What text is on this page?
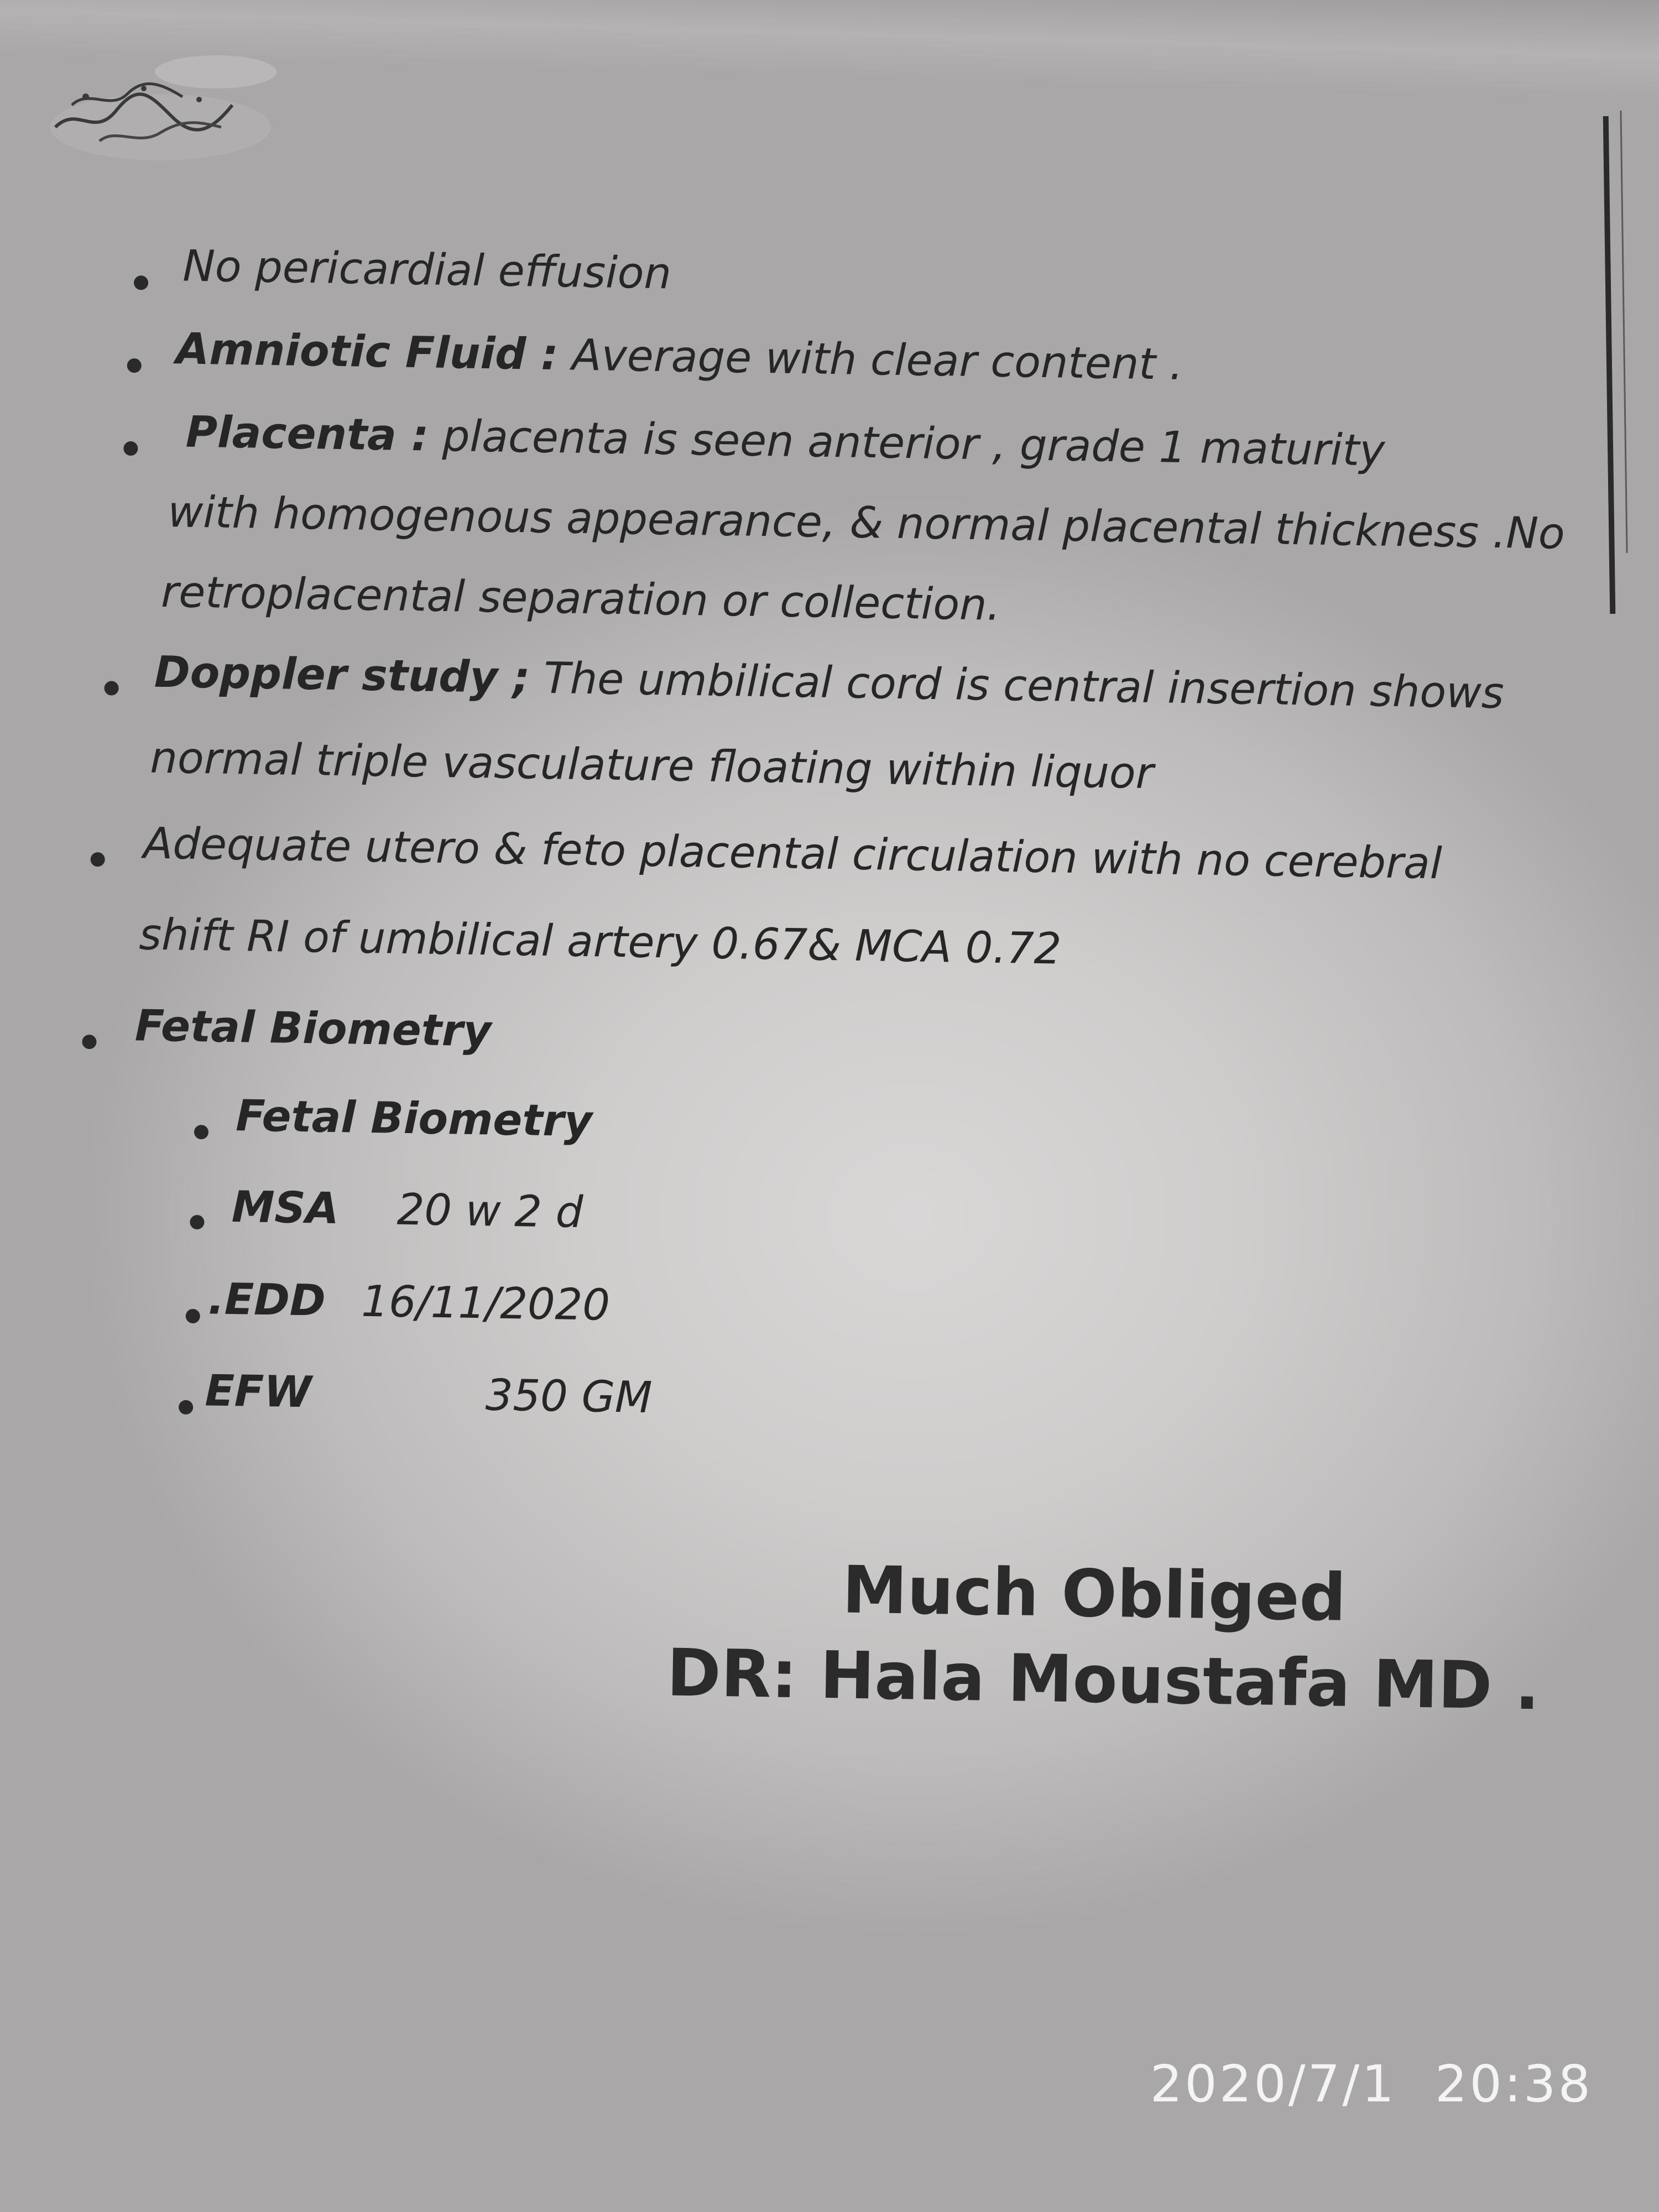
No pericardial effusion
Amniotic Fluid : Average with clear content .
Placenta : placenta is seen anterior , grade 1 maturity
with homogenous appearance, & normal placental thickness .No
retroplacental separation or collection.
Doppler study ; The umbilical cord is central insertion shows
normal triple vasculature floating within liquor
Adequate utero & feto placental circulation with no cerebral
shift RI of umbilical artery 0.67& MCA 0.72
Fetal Biometry
Fetal Biometry
MSA 20 w 2 d
.EDD 16/11/2020
EFW	350 GM
Much Obliged
DR: Hala Moustafa MD .
2020/7/1 20:38
